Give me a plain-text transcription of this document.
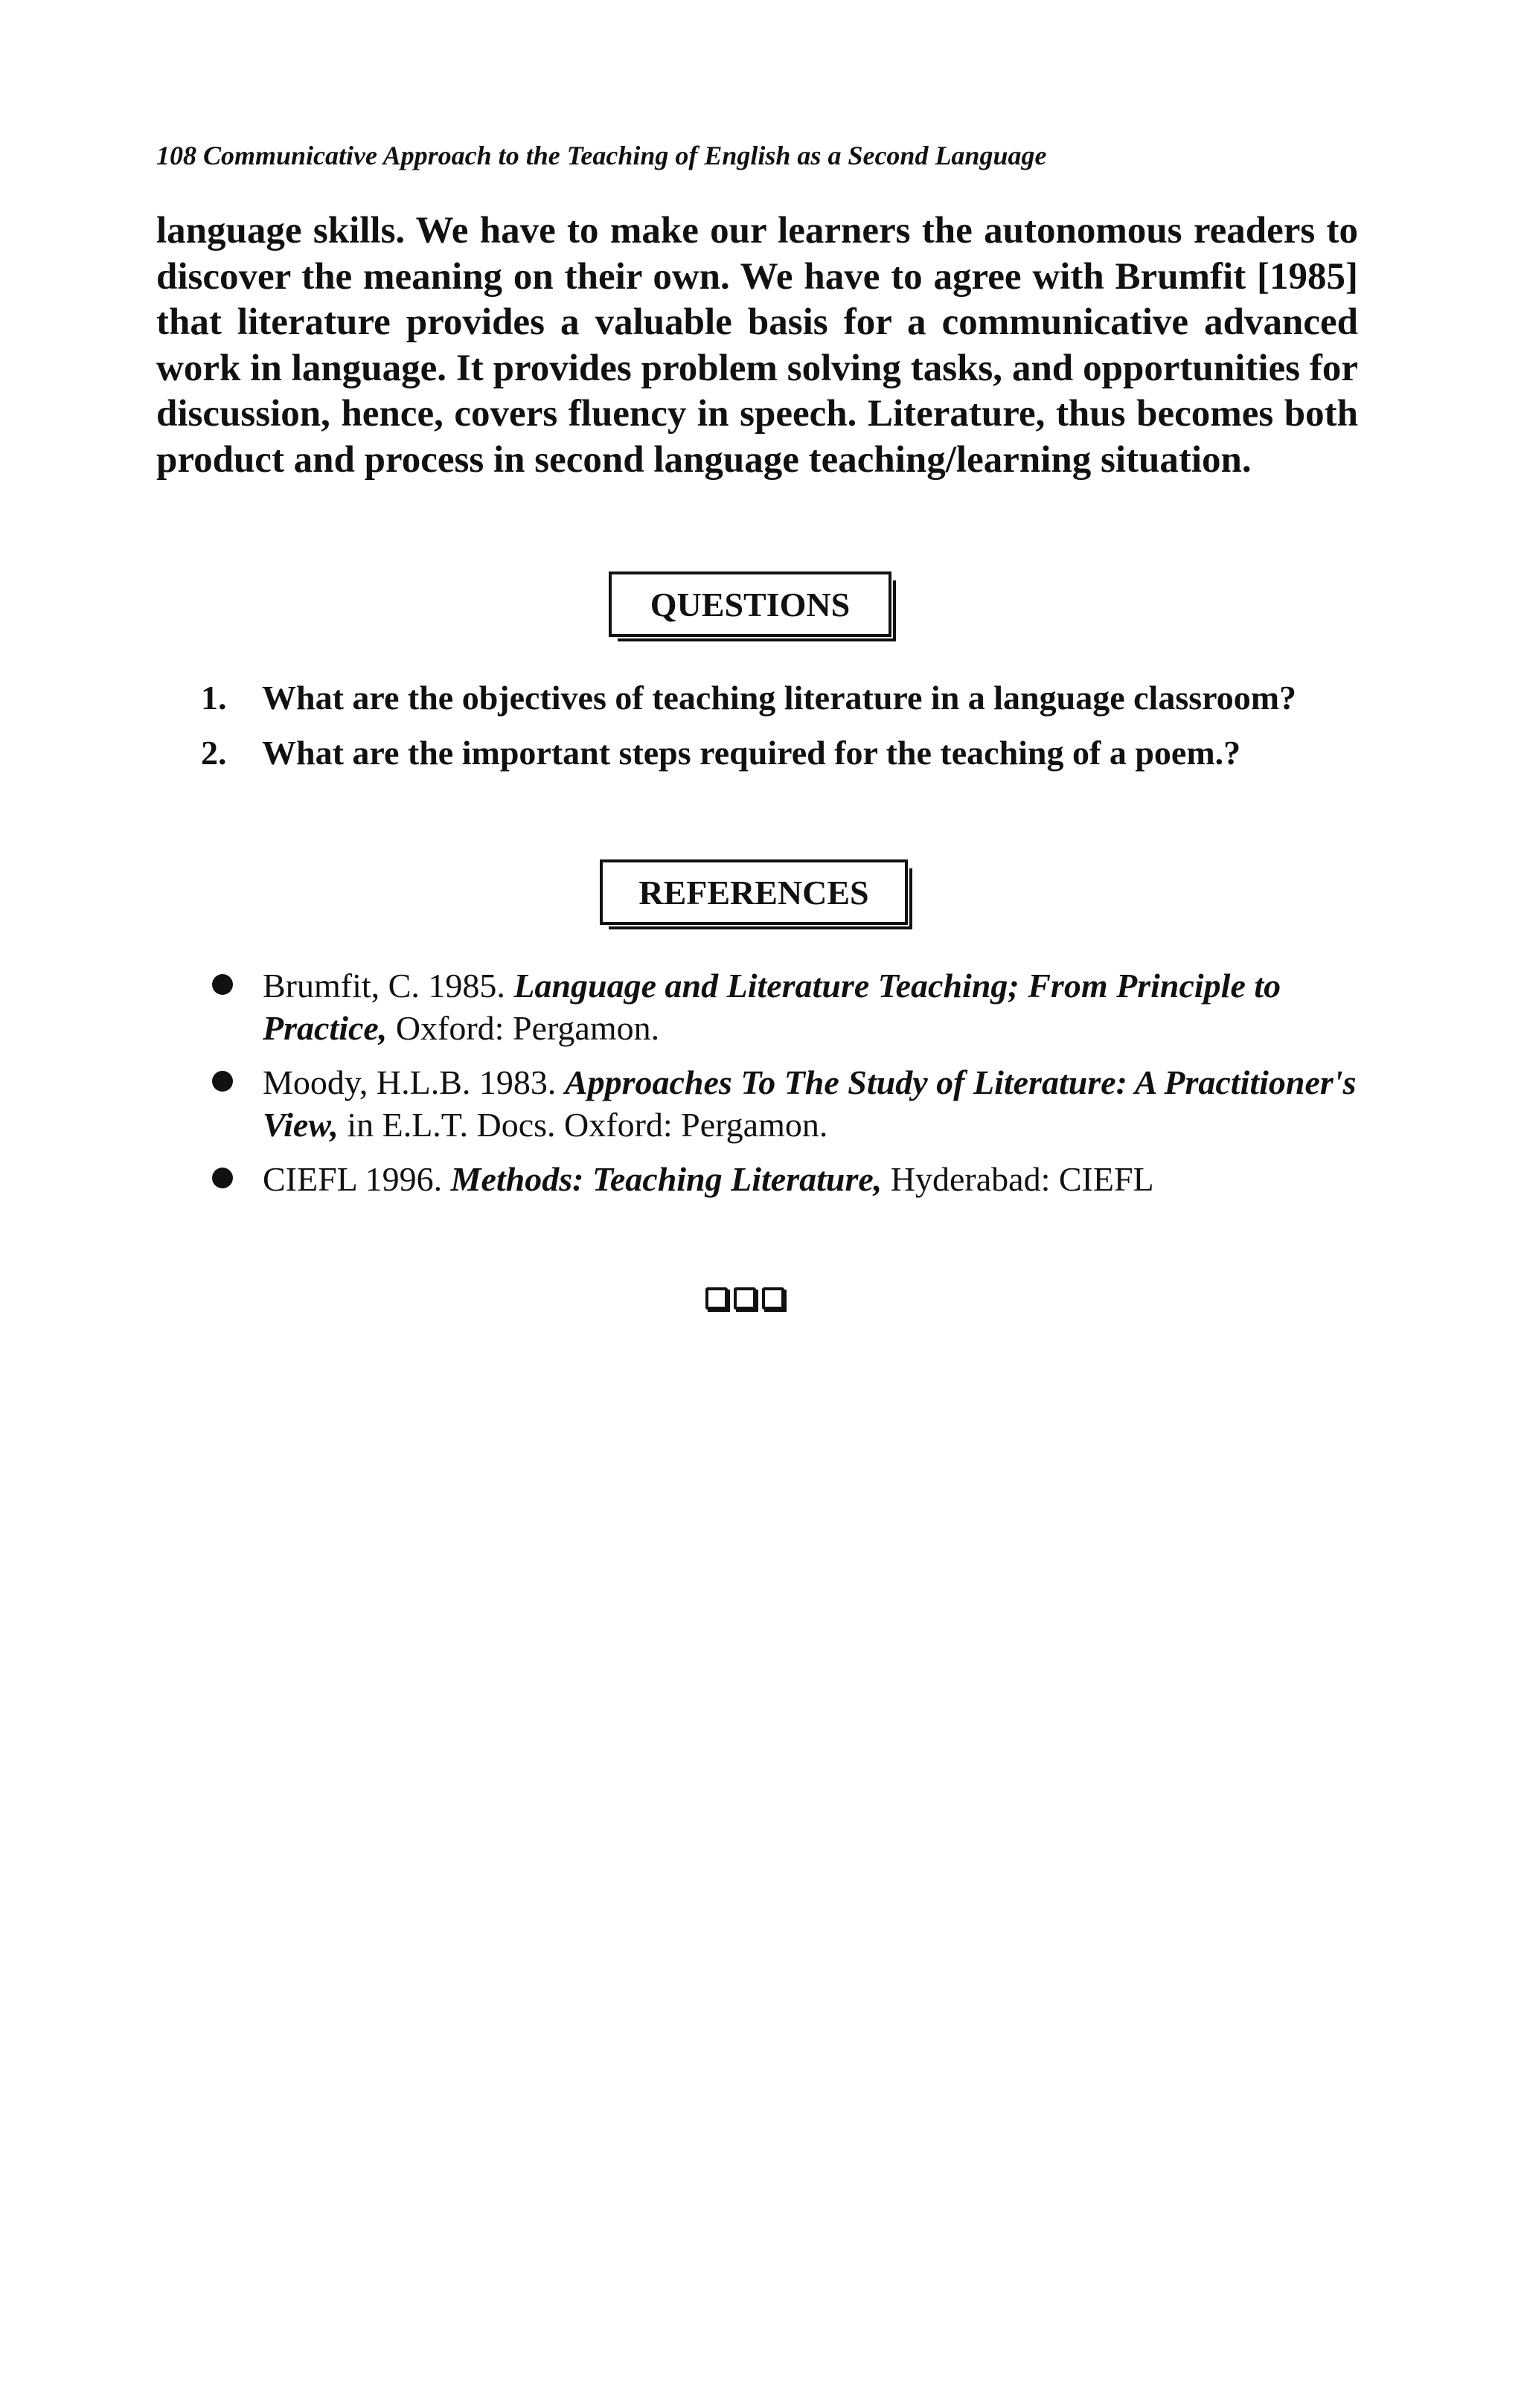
108 Communicative Approach to the Teaching of English as a Second Language

language skills. We have to make our learners the autonomous readers to discover the meaning on their own. We have to agree with Brumfit [1985] that literature provides a valuable basis for a communicative advanced work in language. It provides problem solving tasks, and opportunities for discussion, hence, covers fluency in speech. Literature, thus becomes both product and process in second language teaching/learning situation.

QUESTIONS
1. What are the objectives of teaching literature in a language classroom?
2. What are the important steps required for the teaching of a poem.?
REFERENCES
Brumfit, C. 1985. Language and Literature Teaching; From Principle to Practice, Oxford: Pergamon.
Moody, H.L.B. 1983. Approaches To The Study of Literature: A Practitioner's View, in E.L.T. Docs. Oxford: Pergamon.
CIEFL 1996. Methods: Teaching Literature, Hyderabad: CIEFL
